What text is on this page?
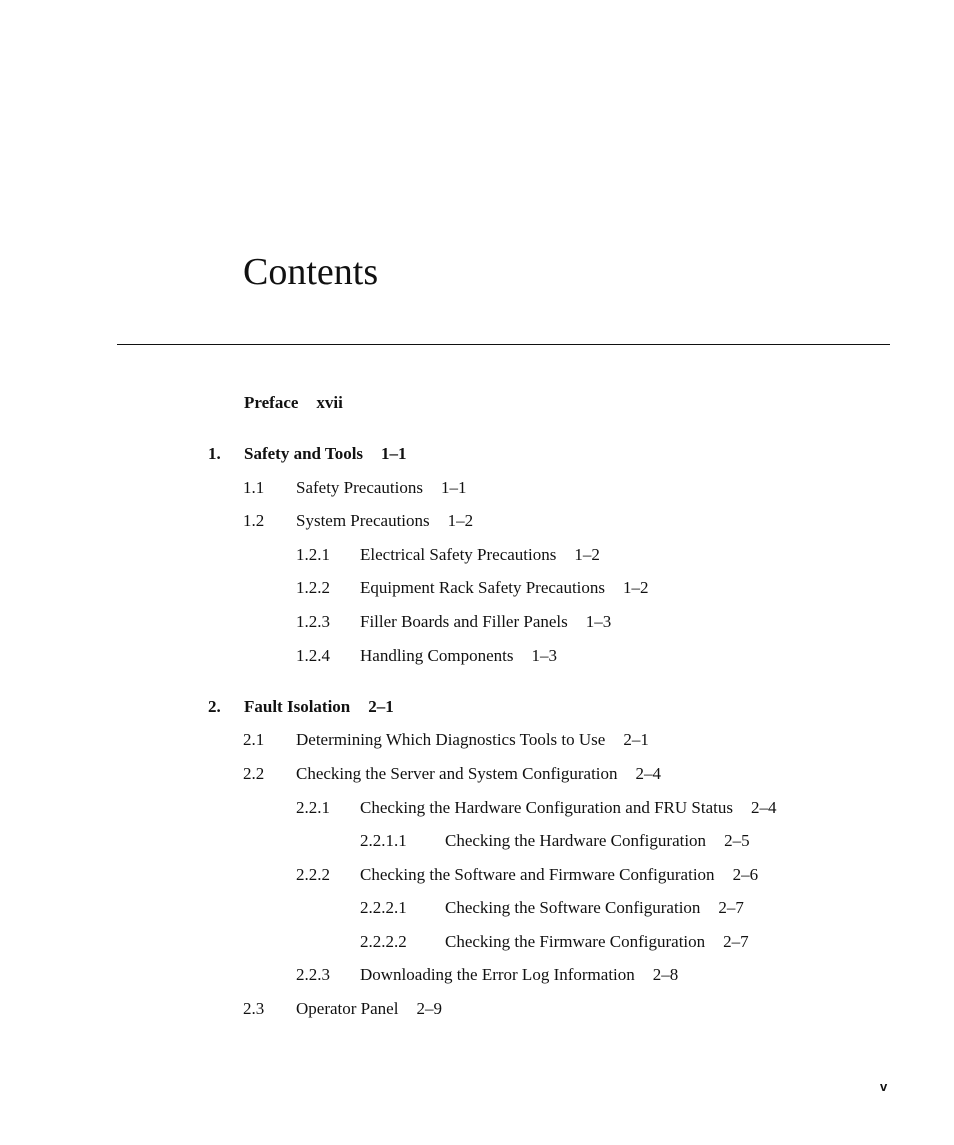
Contents
Preface xvii
1. Safety and Tools 1–1
1.1 Safety Precautions 1–1
1.2 System Precautions 1–2
1.2.1 Electrical Safety Precautions 1–2
1.2.2 Equipment Rack Safety Precautions 1–2
1.2.3 Filler Boards and Filler Panels 1–3
1.2.4 Handling Components 1–3
2. Fault Isolation 2–1
2.1 Determining Which Diagnostics Tools to Use 2–1
2.2 Checking the Server and System Configuration 2–4
2.2.1 Checking the Hardware Configuration and FRU Status 2–4
2.2.1.1 Checking the Hardware Configuration 2–5
2.2.2 Checking the Software and Firmware Configuration 2–6
2.2.2.1 Checking the Software Configuration 2–7
2.2.2.2 Checking the Firmware Configuration 2–7
2.2.3 Downloading the Error Log Information 2–8
2.3 Operator Panel 2–9
v
